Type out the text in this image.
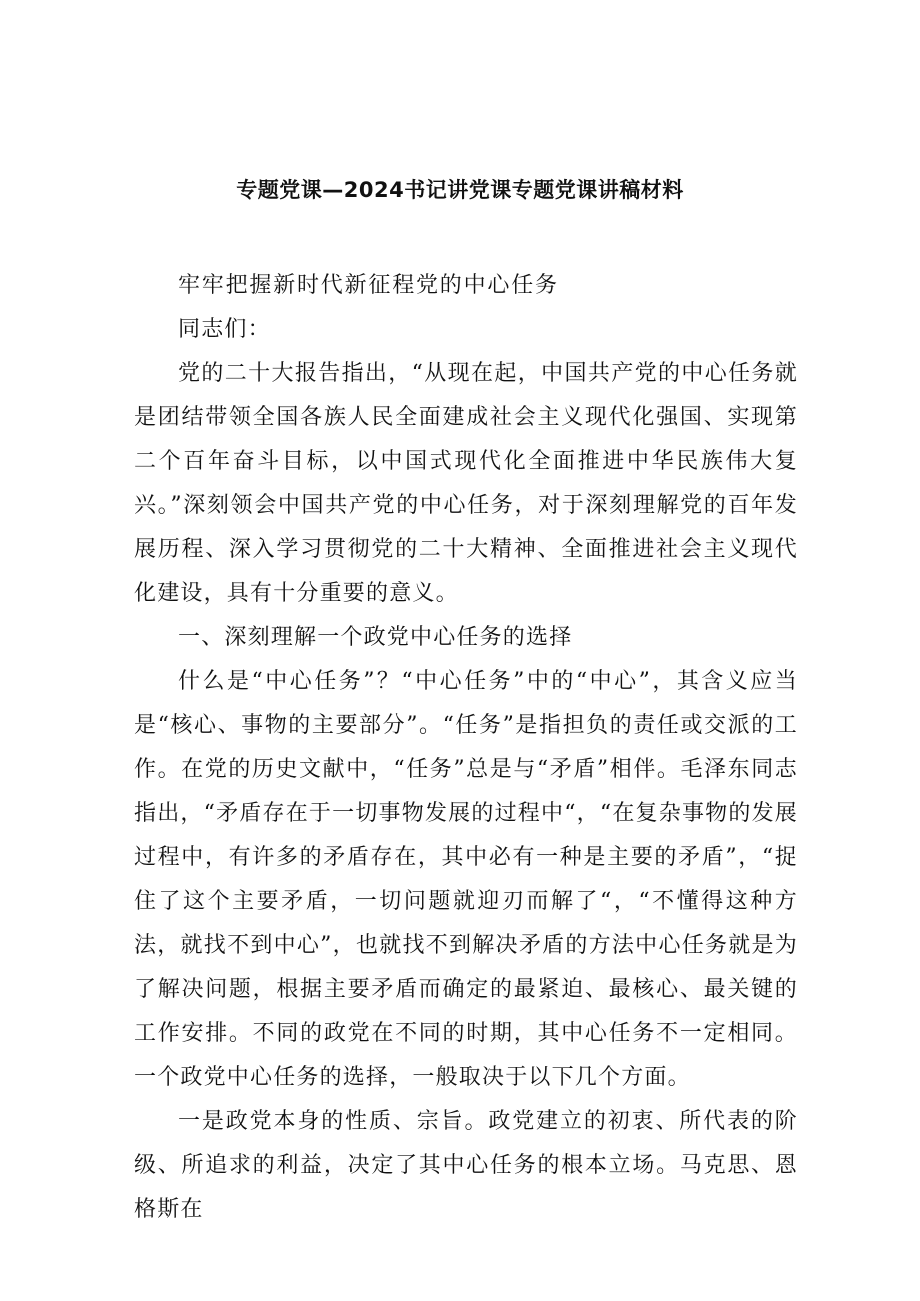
专题党课—2024书记讲党课专题党课讲稿材料

牢牢把握新时代新征程党的中心任务

同志们：

党的二十大报告指出，“从现在起，中国共产党的中心任务就是团结带领全国各族人民全面建成社会主义现代化强国、实现第二个百年奋斗目标，以中国式现代化全面推进中华民族伟大复兴。”深刻领会中国共产党的中心任务，对于深刻理解党的百年发展历程、深入学习贯彻党的二十大精神、全面推进社会主义现代化建设，具有十分重要的意义。

一、深刻理解一个政党中心任务的选择

什么是“中心任务”？“中心任务”中的“中心”，其含义应当是“核心、事物的主要部分”。“任务”是指担负的责任或交派的工作。在党的历史文献中，“任务”总是与“矛盾”相伴。毛泽东同志指出，“矛盾存在于一切事物发展的过程中“，“在复杂事物的发展过程中，有许多的矛盾存在，其中必有一种是主要的矛盾”，“捉住了这个主要矛盾，一切问题就迎刃而解了“，“不懂得这种方法，就找不到中心”，也就找不到解决矛盾的方法中心任务就是为了解决问题，根据主要矛盾而确定的最紧迫、最核心、最关键的工作安排。不同的政党在不同的时期，其中心任务不一定相同。一个政党中心任务的选择，一般取决于以下几个方面。

一是政党本身的性质、宗旨。政党建立的初衷、所代表的阶级、所追求的利益，决定了其中心任务的根本立场。马克思、恩格斯在
